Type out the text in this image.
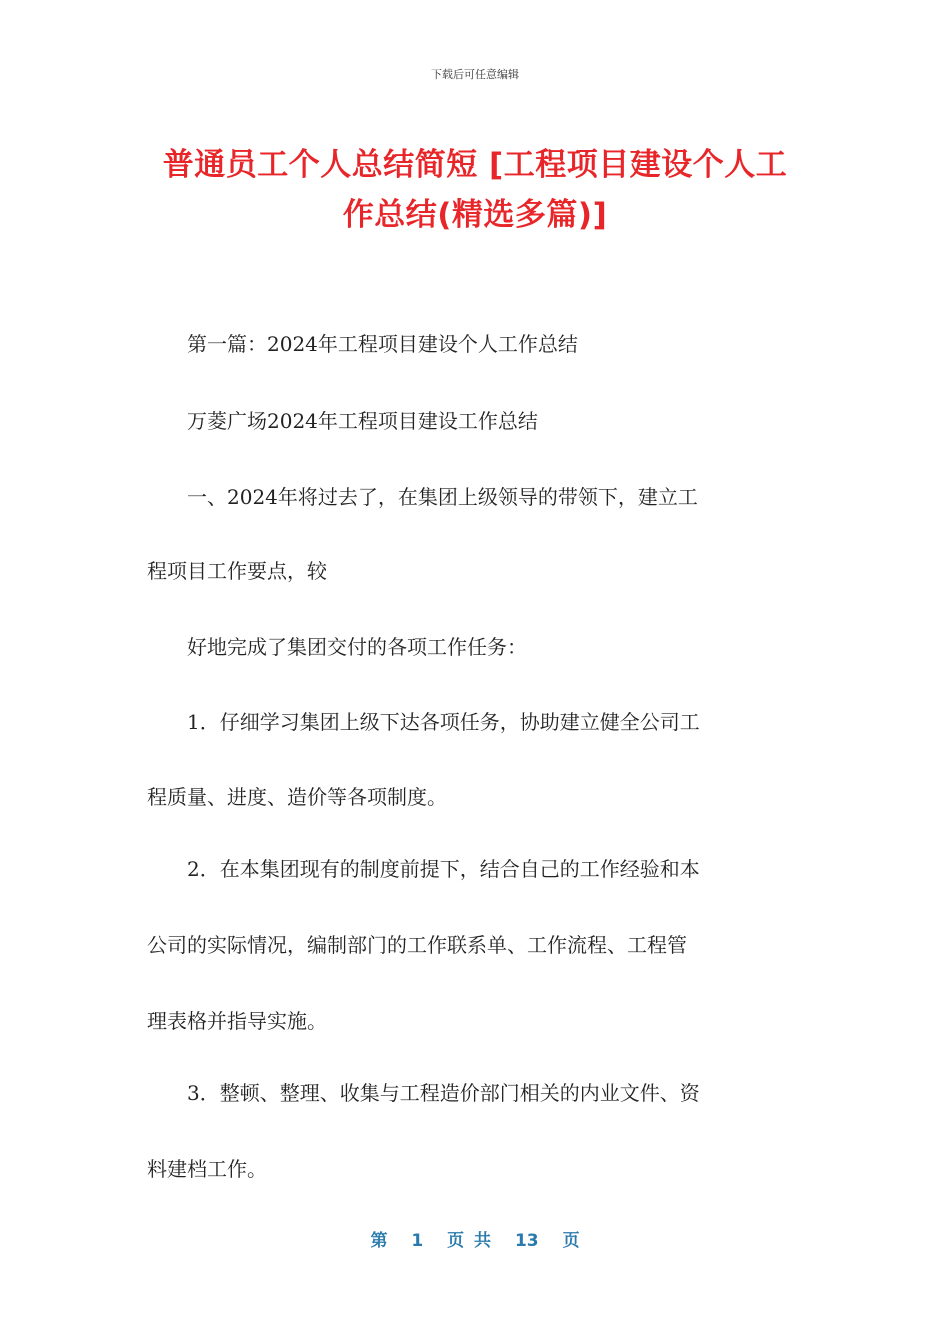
下载后可任意编辑
普通员工个人总结简短 [工程项目建设个人工
作总结(精选多篇)]
　　第一篇：2024年工程项目建设个人工作总结
　　万菱广场2024年工程项目建设工作总结
　　一、2024年将过去了，在集团上级领导的带领下，建立工
程项目工作要点，较
　　好地完成了集团交付的各项工作任务：
　　1．仔细学习集团上级下达各项任务，协助建立健全公司工
程质量、进度、造价等各项制度。
　　2．在本集团现有的制度前提下，结合自己的工作经验和本
公司的实际情况，编制部门的工作联系单、工作流程、工程管
理表格并指导实施。
　　3．整顿、整理、收集与工程造价部门相关的内业文件、资
料建档工作。
第 1 页 共 13 页
